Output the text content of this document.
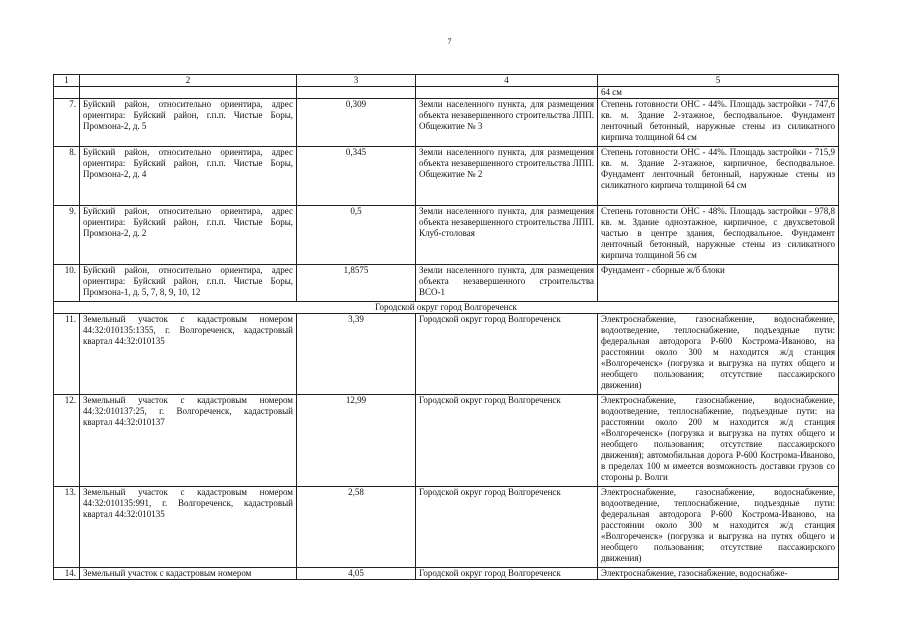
7
1	2	3	4	5
				64 см
7.	Буйский район, относительно ориентира, адрес ориентира: Буйский район, г.п.п. Чистые Боры, Промзона-2, д. 5	0,309	Земли населенного пункта, для размещения объекта незавершенного строительства ЛПП. Общежитие № 3	Степень готовности ОНС - 44%. Площадь застройки - 747,6 кв. м. Здание 2-этажное, бесподвальное. Фундамент ленточный бетонный, наружные стены из силикатного кирпича толщиной 64 см
8.	Буйский район, относительно ориентира, адрес ориентира: Буйский район, г.п.п. Чистые Боры, Промзона-2, д. 4	0,345	Земли населенного пункта, для размещения объекта незавершенного строительства ЛПП. Общежитие № 2	Степень готовности ОНС - 44%. Площадь застройки - 715,9 кв. м. Здание 2-этажное, кирпичное, бесподвальное. Фундамент ленточный бетонный, наружные стены из силикатного кирпича толщиной 64 см
9.	Буйский район, относительно ориентира, адрес ориентира: Буйский район, г.п.п. Чистые Боры, Промзона-2, д. 2	0,5	Земли населенного пункта, для размещения объекта незавершенного строительства ЛПП. Клуб-столовая	Степень готовности ОНС - 48%. Площадь застройки - 978,8 кв. м. Здание одноэтажное, кирпичное, с двухсветовой частью в центре здания, бесподвальное. Фундамент ленточный бетонный, наружные стены из силикатного кирпича толщиной 56 см
10.	Буйский район, относительно ориентира, адрес ориентира: Буйский район, г.п.п. Чистые Боры, Промзона-1, д. 5, 7, 8, 9, 10, 12	1,8575	Земли населенного пункта, для размещения объекта незавершенного строительства ВСО-1	Фундамент - сборные ж/б блоки
Городской округ город Волгореченск				
11.	Земельный участок с кадастровым номером 44:32:010135:1355, г. Волгореченск, кадастровый квартал 44:32:010135	3,39	Городской округ город Волгореченск	Электроснабжение, газоснабжение, водоснабжение, водоотведение, теплоснабжение, подъездные пути: федеральная автодорога Р-600 Кострома-Иваново, на расстоянии около 300 м находится ж/д станция «Волгореченск» (погрузка и выгрузка на путях общего и необщего пользования; отсутствие пассажирского движения)
12.	Земельный участок с кадастровым номером 44:32:010137:25, г. Волгореченск, кадастровый квартал 44:32:010137	12,99	Городской округ город Волгореченск	Электроснабжение, газоснабжение, водоснабжение, водоотведение, теплоснабжение, подъездные пути: на расстоянии около 200 м находится ж/д станция «Волгореченск» (погрузка и выгрузка на путях общего и необщего пользования; отсутствие пассажирского движения); автомобильная дорога Р-600 Кострома-Иваново, в пределах 100 м имеется возможность доставки грузов со стороны р. Волги
13.	Земельный участок с кадастровым номером 44:32:010135:991, г. Волгореченск, кадастровый квартал 44:32:010135	2,58	Городской округ город Волгореченск	Электроснабжение, газоснабжение, водоснабжение, водоотведение, теплоснабжение, подъездные пути: федеральная автодорога Р-600 Кострома-Иваново, на расстоянии около 300 м находится ж/д станция «Волгореченск» (погрузка и выгрузка на путях общего и необщего пользования; отсутствие пассажирского движения)
14.	Земельный участок с кадастровым номером	4,05	Городской округ город Волгореченск	Электроснабжение, газоснабжение, водоснабже-
